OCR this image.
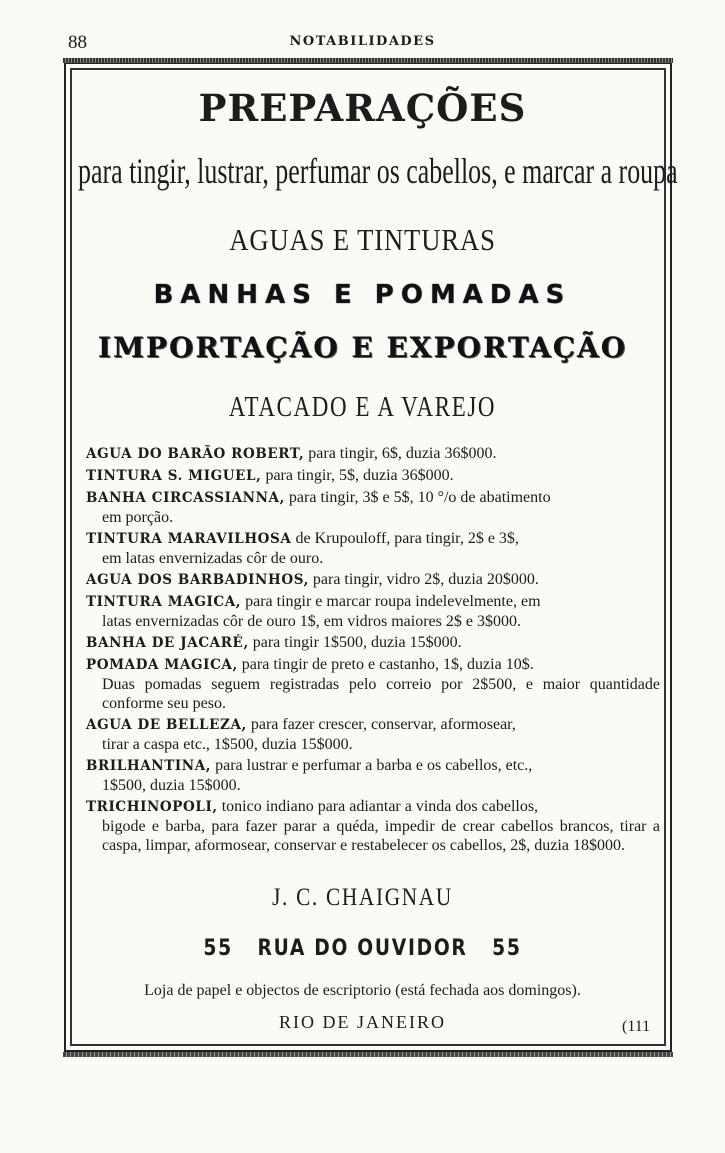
88	NOTABILIDADES
PREPARAÇÕES
para tingir, lustrar, perfumar os cabellos, e marcar a roupa
AGUAS E TINTURAS
BANHAS E POMADAS
IMPORTAÇÃO E EXPORTAÇÃO
ATACADO E A VAREJO
AGUA DO BARÃO ROBERT, para tingir, 6$, duzia 36$000.
TINTURA S. MIGUEL, para tingir, 5$, duzia 36$000.
BANHA CIRCASSIANNA, para tingir, 3$ e 5$, 10 °/o de abatimento
em porção.
TINTURA MARAVILHOSA de Krupouloff, para tingir, 2$ e 3$,
em latas envernizadas côr de ouro.
AGUA DOS BARBADINHOS, para tingir, vidro 2$, duzia 20$000.
TINTURA MAGICA, para tingir e marcar roupa indelevelmente, em
latas envernizadas côr de ouro 1$, em vidros maiores 2$ e 3$000.
BANHA DE JACARÉ, para tingir 1$500, duzia 15$000.
POMADA MAGICA, para tingir de preto e castanho, 1$, duzia 10$.
Duas pomadas seguem registradas pelo correio por 2$500, e maior quantidade conforme seu peso.
AGUA DE BELLEZA, para fazer crescer, conservar, aformosear,
tirar a caspa etc., 1$500, duzia 15$000.
BRILHANTINA, para lustrar e perfumar a barba e os cabellos, etc.,
1$500, duzia 15$000.
TRICHINOPOLI, tonico indiano para adiantar a vinda dos cabellos,
bigode e barba, para fazer parar a quéda, impedir de crear cabellos brancos, tirar a caspa, limpar, aformosear, conservar e restabelecer os cabellos, 2$, duzia 18$000.
J. C. CHAIGNAU
55 RUA DO OUVIDOR 55
Loja de papel e objectos de escriptorio (está fechada aos domingos).
RIO DE JANEIRO	(111
